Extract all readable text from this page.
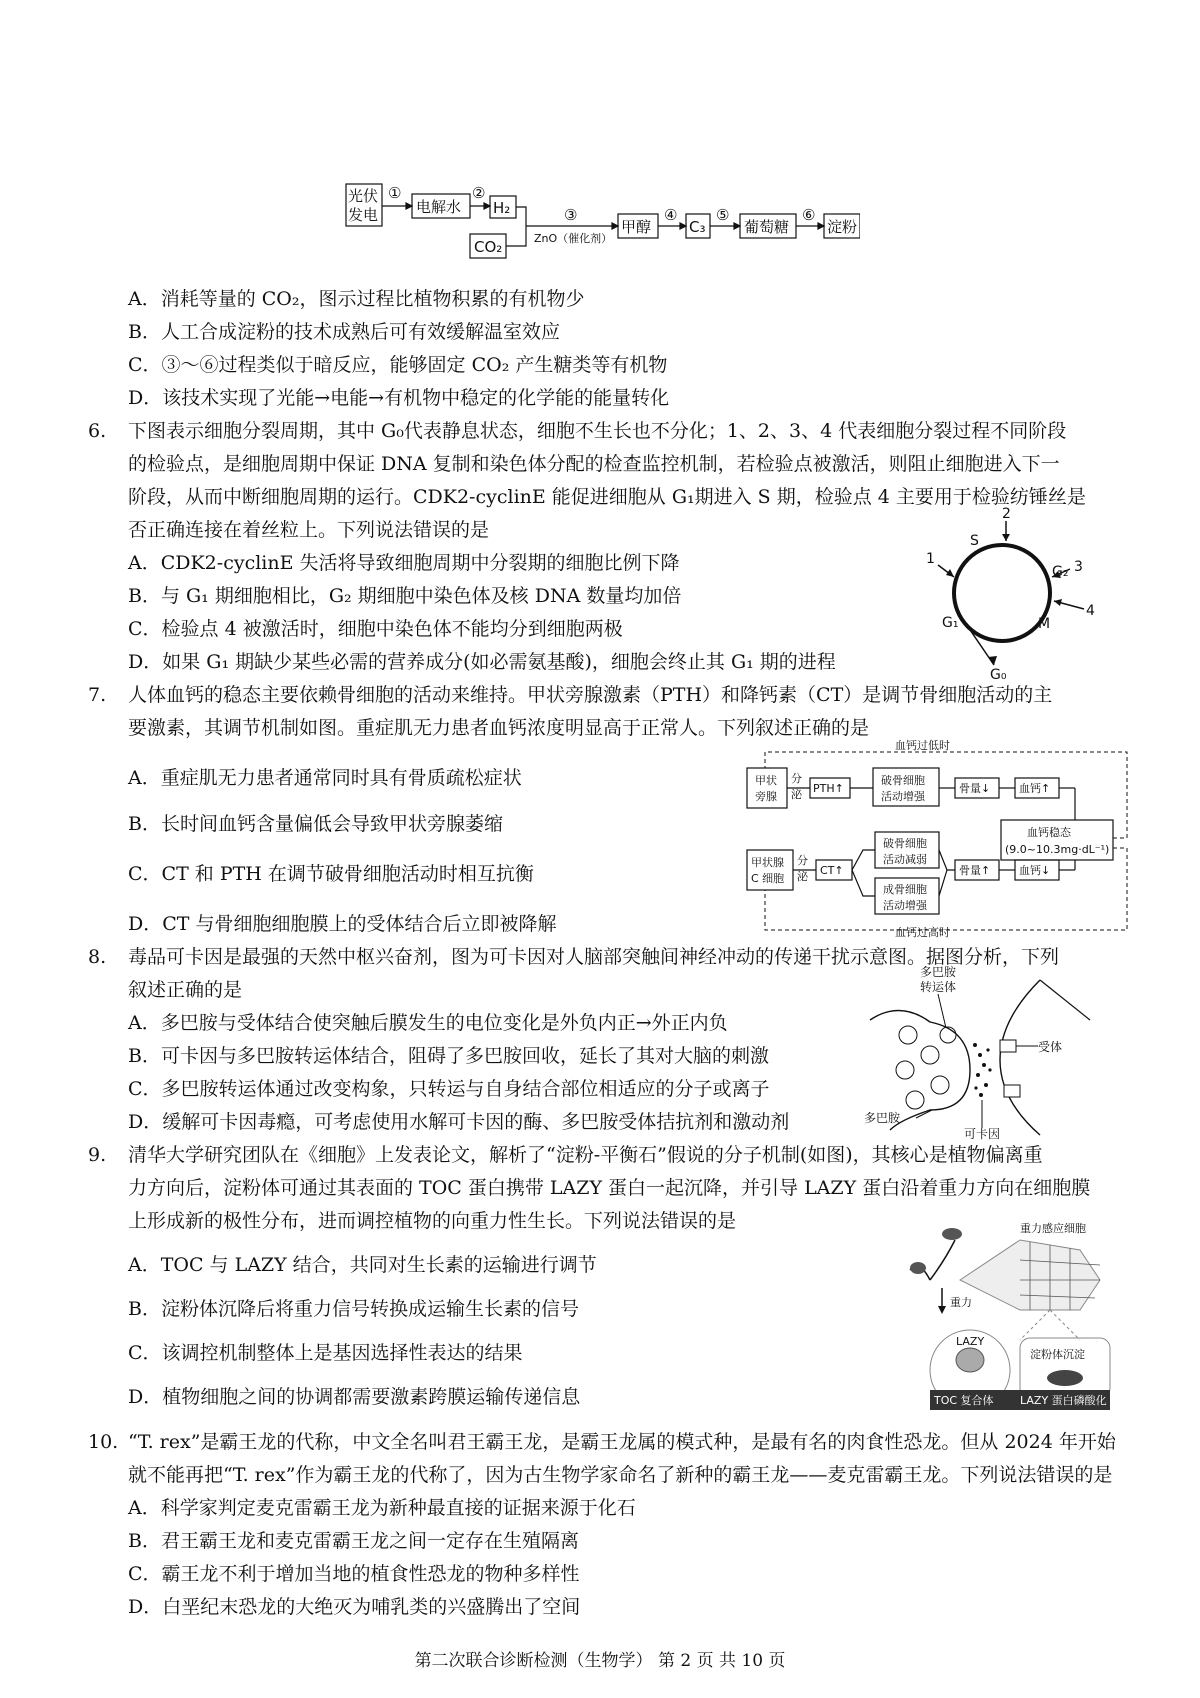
光伏
发电	电解水 H₂
CO₂
甲醇	C₃	葡萄糖	淀粉
①	②
③	④	⑤	⑥
ZnO（催化剂）
A．消耗等量的 CO₂，图示过程比植物积累的有机物少
B．人工合成淀粉的技术成熟后可有效缓解温室效应
C．③～⑥过程类似于暗反应，能够固定 CO₂ 产生糖类等有机物
D．该技术实现了光能→电能→有机物中稳定的化学能的能量转化
6. 下图表示细胞分裂周期，其中 G₀代表静息状态，细胞不生长也不分化；1、2、3、4 代表细胞分裂过程不同阶段
的检验点，是细胞周期中保证 DNA 复制和染色体分配的检查监控机制，若检验点被激活，则阻止细胞进入下一
阶段，从而中断细胞周期的运行。CDK2-cyclinE 能促进细胞从 G₁期进入 S 期，检验点 4 主要用于检验纺锤丝是
否正确连接在着丝粒上。下列说法错误的是
A．CDK2-cyclinE 失活将导致细胞周期中分裂期的细胞比例下降
B．与 G₁ 期细胞相比，G₂ 期细胞中染色体及核 DNA 数量均加倍
C．检验点 4 被激活时，细胞中染色体不能均分到细胞两极
D．如果 G₁ 期缺少某些必需的营养成分(如必需氨基酸)，细胞会终止其 G₁ 期的进程
S
G₂
G₁	M
G₀
1
2
3
4
7. 人体血钙的稳态主要依赖骨细胞的活动来维持。甲状旁腺激素（PTH）和降钙素（CT）是调节骨细胞活动的主
要激素，其调节机制如图。重症肌无力患者血钙浓度明显高于正常人。下列叙述正确的是
A．重症肌无力患者通常同时具有骨质疏松症状
B．长时间血钙含量偏低会导致甲状旁腺萎缩
C．CT 和 PTH 在调节破骨细胞活动时相互抗衡
D．CT 与骨细胞细胞膜上的受体结合后立即被降解
血钙过低时
血钙过高时
甲状
旁腺
分
泌 PTH↑
破骨细胞
活动增强
骨量↓	血钙↑
血钙稳态
(9.0~10.3mg·dL⁻¹)
甲状腺
C 细胞
分
泌 CT↑
破骨细胞
活动减弱
成骨细胞
活动增强
骨量↑	血钙↓
8. 毒品可卡因是最强的天然中枢兴奋剂，图为可卡因对人脑部突触间神经冲动的传递干扰示意图。据图分析，下列
叙述正确的是
A．多巴胺与受体结合使突触后膜发生的电位变化是外负内正→外正内负
B．可卡因与多巴胺转运体结合，阻碍了多巴胺回收，延长了其对大脑的刺激
C．多巴胺转运体通过改变构象，只转运与自身结合部位相适应的分子或离子
D．缓解可卡因毒瘾，可考虑使用水解可卡因的酶、多巴胺受体拮抗剂和激动剂
多巴胺
转运体
受体
多巴胺
可卡因
9. 清华大学研究团队在《细胞》上发表论文，解析了“淀粉-平衡石”假说的分子机制(如图)，其核心是植物偏离重
力方向后，淀粉体可通过其表面的 TOC 蛋白携带 LAZY 蛋白一起沉降，并引导 LAZY 蛋白沿着重力方向在细胞膜
上形成新的极性分布，进而调控植物的向重力性生长。下列说法错误的是
A．TOC 与 LAZY 结合，共同对生长素的运输进行调节
B．淀粉体沉降后将重力信号转换成运输生长素的信号
C．该调控机制整体上是基因选择性表达的结果
D．植物细胞之间的协调都需要激素跨膜运输传递信息
重力感应细胞
重力
LAZY
淀粉体沉淀
TOC 复合体 LAZY 蛋白磷酸化
10. “T. rex”是霸王龙的代称，中文全名叫君王霸王龙，是霸王龙属的模式种，是最有名的肉食性恐龙。但从 2024 年开始
就不能再把“T. rex”作为霸王龙的代称了，因为古生物学家命名了新种的霸王龙——麦克雷霸王龙。下列说法错误的是
A．科学家判定麦克雷霸王龙为新种最直接的证据来源于化石
B．君王霸王龙和麦克雷霸王龙之间一定存在生殖隔离
C．霸王龙不利于增加当地的植食性恐龙的物种多样性
D．白垩纪末恐龙的大绝灭为哺乳类的兴盛腾出了空间
第二次联合诊断检测（生物学） 第 2 页 共 10 页
